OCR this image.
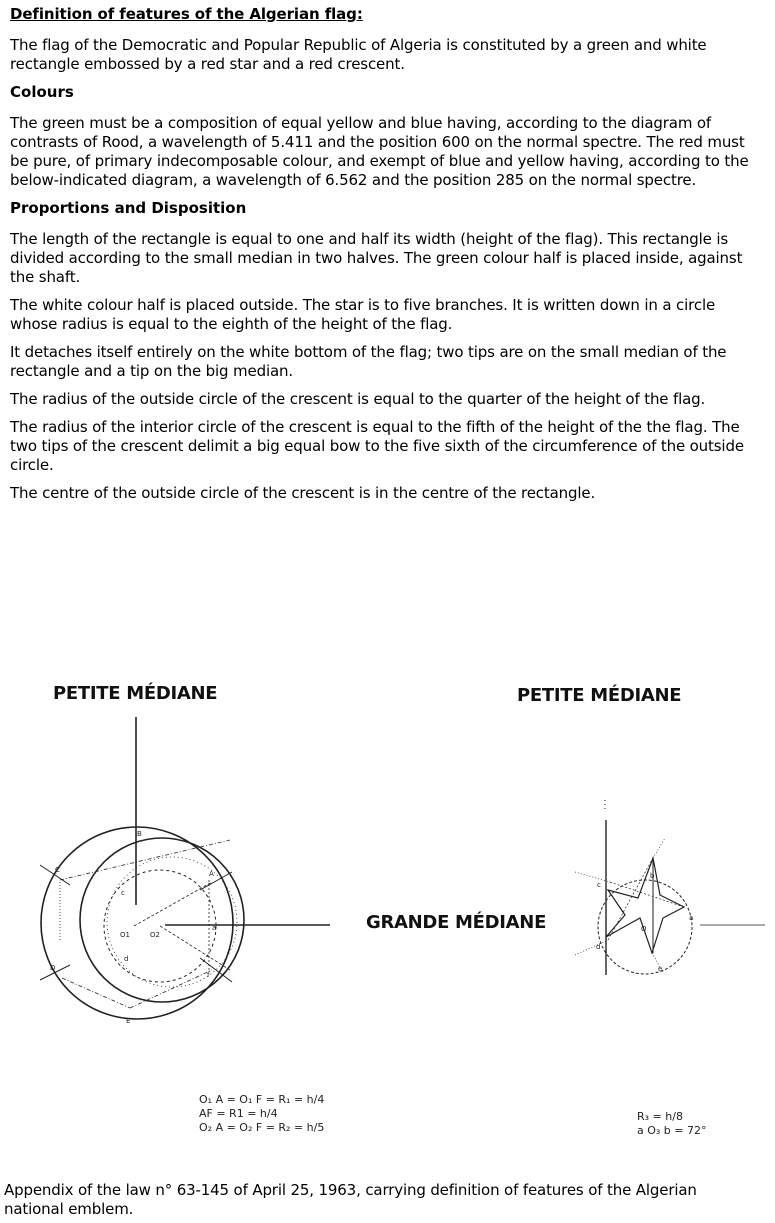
Definition of features of the Algerian flag:

The flag of the Democratic and Popular Republic of Algeria is constituted by a green and white rectangle embossed by a red star and a red crescent.

Colours

The green must be a composition of equal yellow and blue having, according to the diagram of contrasts of Rood, a wavelength of 5.411 and the position 600 on the normal spectre. The red must be pure, of primary indecomposable colour, and exempt of blue and yellow having, according to the below-indicated diagram, a wavelength of 6.562 and the position 285 on the normal spectre.

Proportions and Disposition

The length of the rectangle is equal to one and half its width (height of the flag). This rectangle is divided according to the small median in two halves. The green colour half is placed inside, against the shaft.

The white colour half is placed outside. The star is to five branches. It is written down in a circle whose radius is equal to the eighth of the height of the flag.

It detaches itself entirely on the white bottom of the flag; two tips are on the small median of the rectangle and a tip on the big median.

The radius of the outside circle of the crescent is equal to the quarter of the height of the flag.

The radius of the interior circle of the crescent is equal to the fifth of the height of the the flag. The two tips of the crescent delimit a big equal bow to the five sixth of the circumference of the outside circle.

The centre of the outside circle of the crescent is in the centre of the rectangle.

PETITE MÉDIANE	PETITE MÉDIANE
GRANDE MÉDIANE
B
A
C
c
O1	O2
a
d
D
f
E
b
c
d
O
e
a
O₁ A = O₁ F = R₁ = h/4
AF = R1 = h/4
O₂ A = O₂ F = R₂ = h/5
R₃ = h/8
a O₃ b = 72°
Appendix of the law n° 63-145 of April 25, 1963, carrying definition of features of the Algerian national emblem.
